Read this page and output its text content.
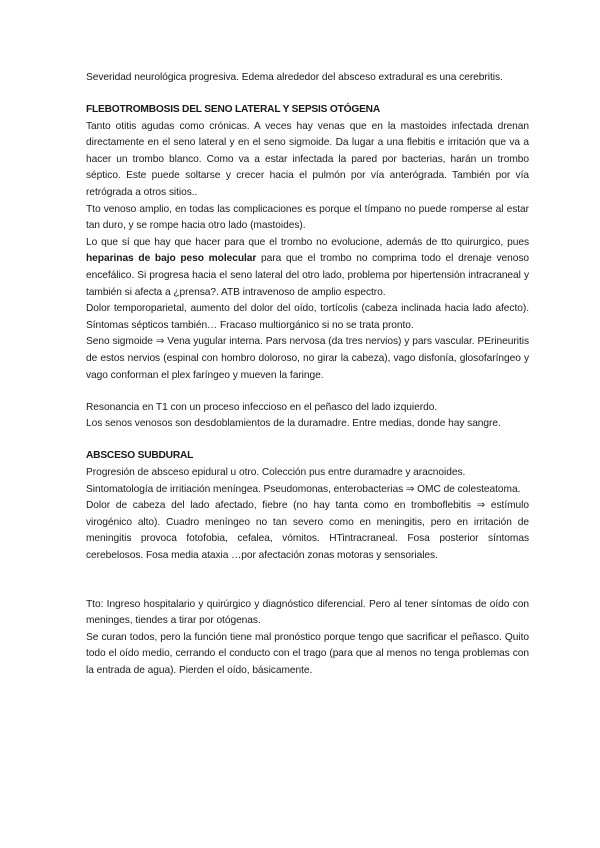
Severidad neurológica progresiva. Edema alrededor del absceso extradural es una cerebritis.

FLEBOTROMBOSIS DEL SENO LATERAL Y SEPSIS OTÓGENA

Tanto otitis agudas como crónicas. A veces hay venas que en la mastoides infectada drenan directamente en el seno lateral y en el seno sigmoide. Da lugar a una flebitis e irritación que va a hacer un trombo blanco. Como va a estar infectada la pared por bacterias, harán un trombo séptico. Este puede soltarse y crecer hacia el pulmón por vía anterógrada. También por vía retrógrada a otros sitios..

Tto venoso amplio, en todas las complicaciones es porque el tímpano no puede romperse al estar tan duro, y se rompe hacia otro lado (mastoides).

Lo que sí que hay que hacer para que el trombo no evolucione, además de tto quirurgico, pues heparinas de bajo peso molecular para que el trombo no comprima todo el drenaje venoso encefálico. Si progresa hacia el seno lateral del otro lado, problema por hipertensión intracraneal y también si afecta a ¿prensa?. ATB intravenoso de amplio espectro.

Dolor temporoparietal, aumento del dolor del oído, tortícolis (cabeza inclinada hacia lado afecto). Síntomas sépticos también… Fracaso multiorgánico si no se trata pronto.

Seno sigmoide ⇒ Vena yugular interna. Pars nervosa (da tres nervios) y pars vascular. PErineuritis de estos nervios (espinal con hombro doloroso, no girar la cabeza), vago disfonía, glosofaríngeo y vago conforman el plex faríngeo y mueven la faringe.

Resonancia en T1 con un proceso infeccioso en el peñasco del lado izquierdo.

Los senos venosos son desdoblamientos de la duramadre. Entre medias, donde hay sangre.

ABSCESO SUBDURAL

Progresión de absceso epidural u otro. Colección pus entre duramadre y aracnoides.

Sintomatología de irritiación meníngea. Pseudomonas, enterobacterias ⇒ OMC de colesteatoma.

Dolor de cabeza del lado afectado, fiebre (no hay tanta como en tromboflebitis ⇒ estímulo virogénico alto). Cuadro meníngeo no tan severo como en meningitis, pero en irritación de meningitis provoca fotofobia, cefalea, vómitos. HTintracraneal. Fosa posterior síntomas cerebelosos. Fosa media ataxia …por afectación zonas motoras y sensoriales.

Tto: Ingreso hospitalario y quirúrgico y diagnóstico diferencial. Pero al tener síntomas de oído con meninges, tiendes a tirar por otógenas.

Se curan todos, pero la función tiene mal pronóstico porque tengo que sacrificar el peñasco. Quito todo el oído medio, cerrando el conducto con el trago (para que al menos no tenga problemas con la entrada de agua). Pierden el oído, básicamente.
